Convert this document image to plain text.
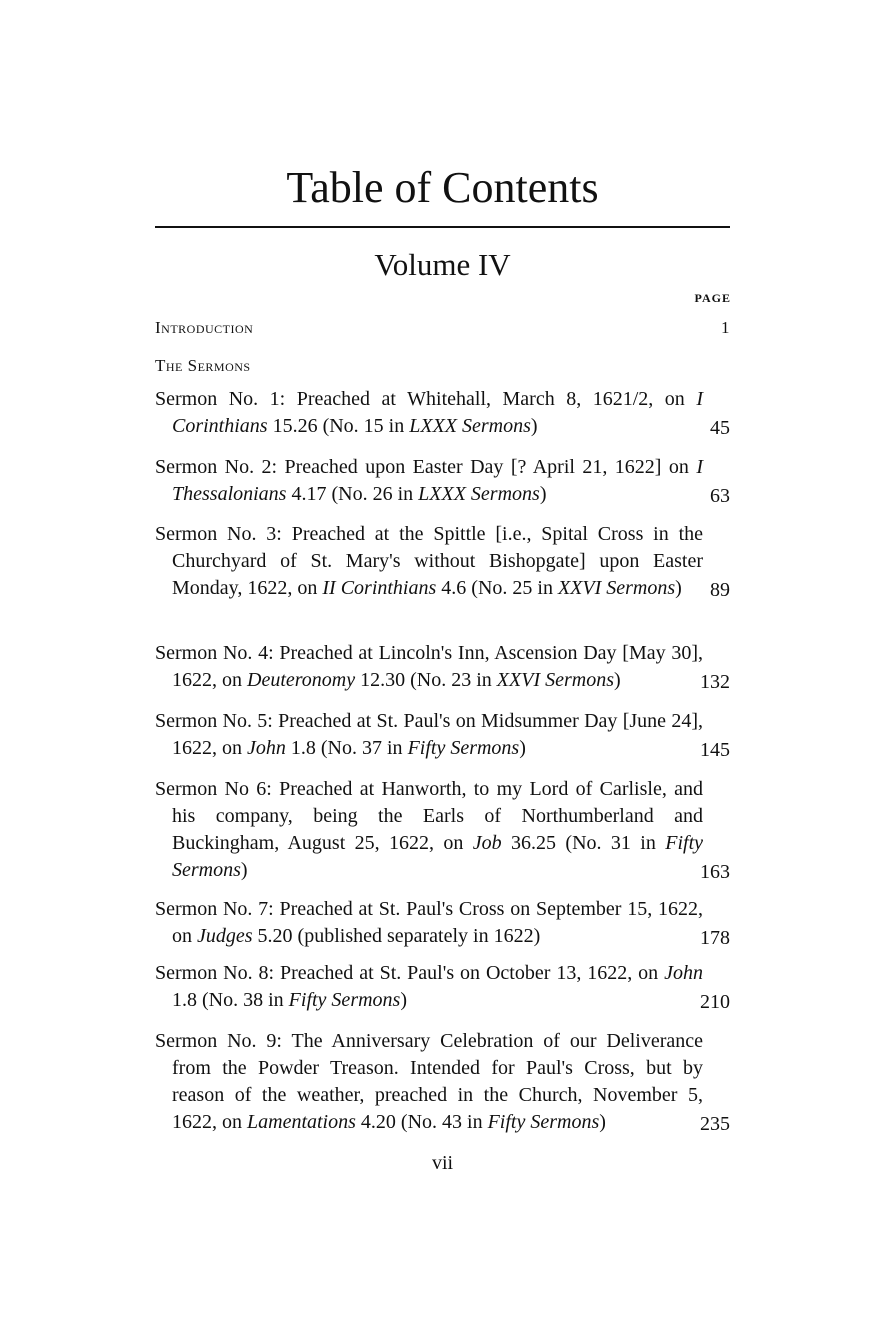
Table of Contents
Volume IV
PAGE
Introduction	1
The Sermons
Sermon No. 1: Preached at Whitehall, March 8, 1621/2, on I Corinthians 15.26 (No. 15 in LXXX Sermons)	45
Sermon No. 2: Preached upon Easter Day [? April 21, 1622] on I Thessalonians 4.17 (No. 26 in LXXX Sermons)	63
Sermon No. 3: Preached at the Spittle [i.e., Spital Cross in the Churchyard of St. Mary's without Bishopgate] upon Easter Monday, 1622, on II Corinthians 4.6 (No. 25 in XXVI Sermons)	89
Sermon No. 4: Preached at Lincoln's Inn, Ascension Day [May 30], 1622, on Deuteronomy 12.30 (No. 23 in XXVI Sermons)	132
Sermon No. 5: Preached at St. Paul's on Midsummer Day [June 24], 1622, on John 1.8 (No. 37 in Fifty Sermons)	145
Sermon No 6: Preached at Hanworth, to my Lord of Carlisle, and his company, being the Earls of Northumberland and Buckingham, August 25, 1622, on Job 36.25 (No. 31 in Fifty Sermons)	163
Sermon No. 7: Preached at St. Paul's Cross on September 15, 1622, on Judges 5.20 (published separately in 1622)	178
Sermon No. 8: Preached at St. Paul's on October 13, 1622, on John 1.8 (No. 38 in Fifty Sermons)	210
Sermon No. 9: The Anniversary Celebration of our Deliverance from the Powder Treason. Intended for Paul's Cross, but by reason of the weather, preached in the Church, November 5, 1622, on Lamentations 4.20 (No. 43 in Fifty Sermons)	235
vii
